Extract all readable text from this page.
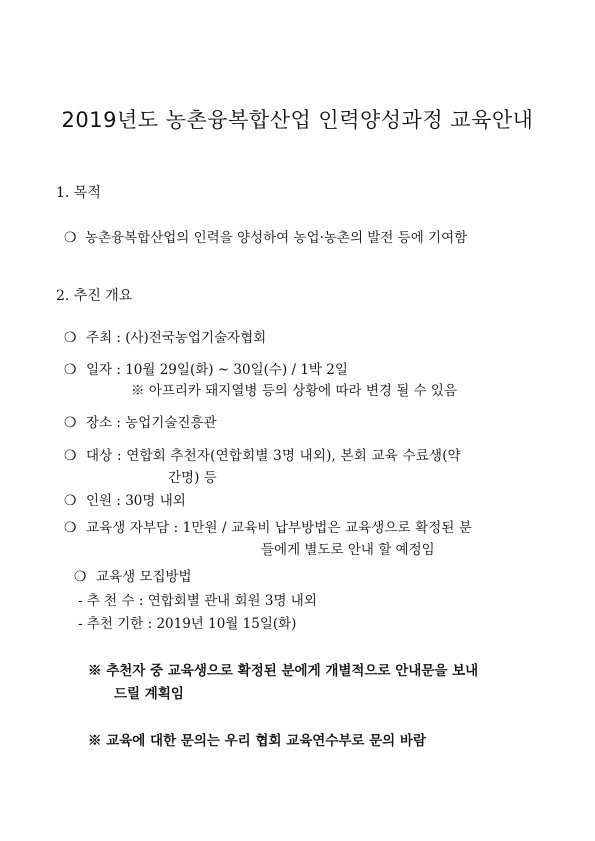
2019년도 농촌융복합산업 인력양성과정 교육안내
1. 목적
❍ 농촌융복합산업의 인력을 양성하여 농업·농촌의 발전 등에 기여함
2. 추진 개요
❍ 주최 : (사)전국농업기술자협회
❍ 일자 : 10월 29일(화) ~ 30일(수) / 1박 2일
※ 아프리카 돼지열병 등의 상황에 따라 변경 될 수 있음
❍ 장소 : 농업기술진흥관
❍ 대상 : 연합회 추천자(연합회별 3명 내외), 본회 교육 수료생(약
간명) 등
❍ 인원 : 30명 내외
❍ 교육생 자부담 : 1만원 / 교육비 납부방법은 교육생으로 확정된 분
들에게 별도로 안내 할 예정임
❍ 교육생 모집방법
- 추 천 수 : 연합회별 관내 회원 3명 내외
- 추천 기한 : 2019년 10월 15일(화)
※ 추천자 중 교육생으로 확정된 분에게 개별적으로 안내문을 보내
드릴 계획임
※ 교육에 대한 문의는 우리 협회 교육연수부로 문의 바람
